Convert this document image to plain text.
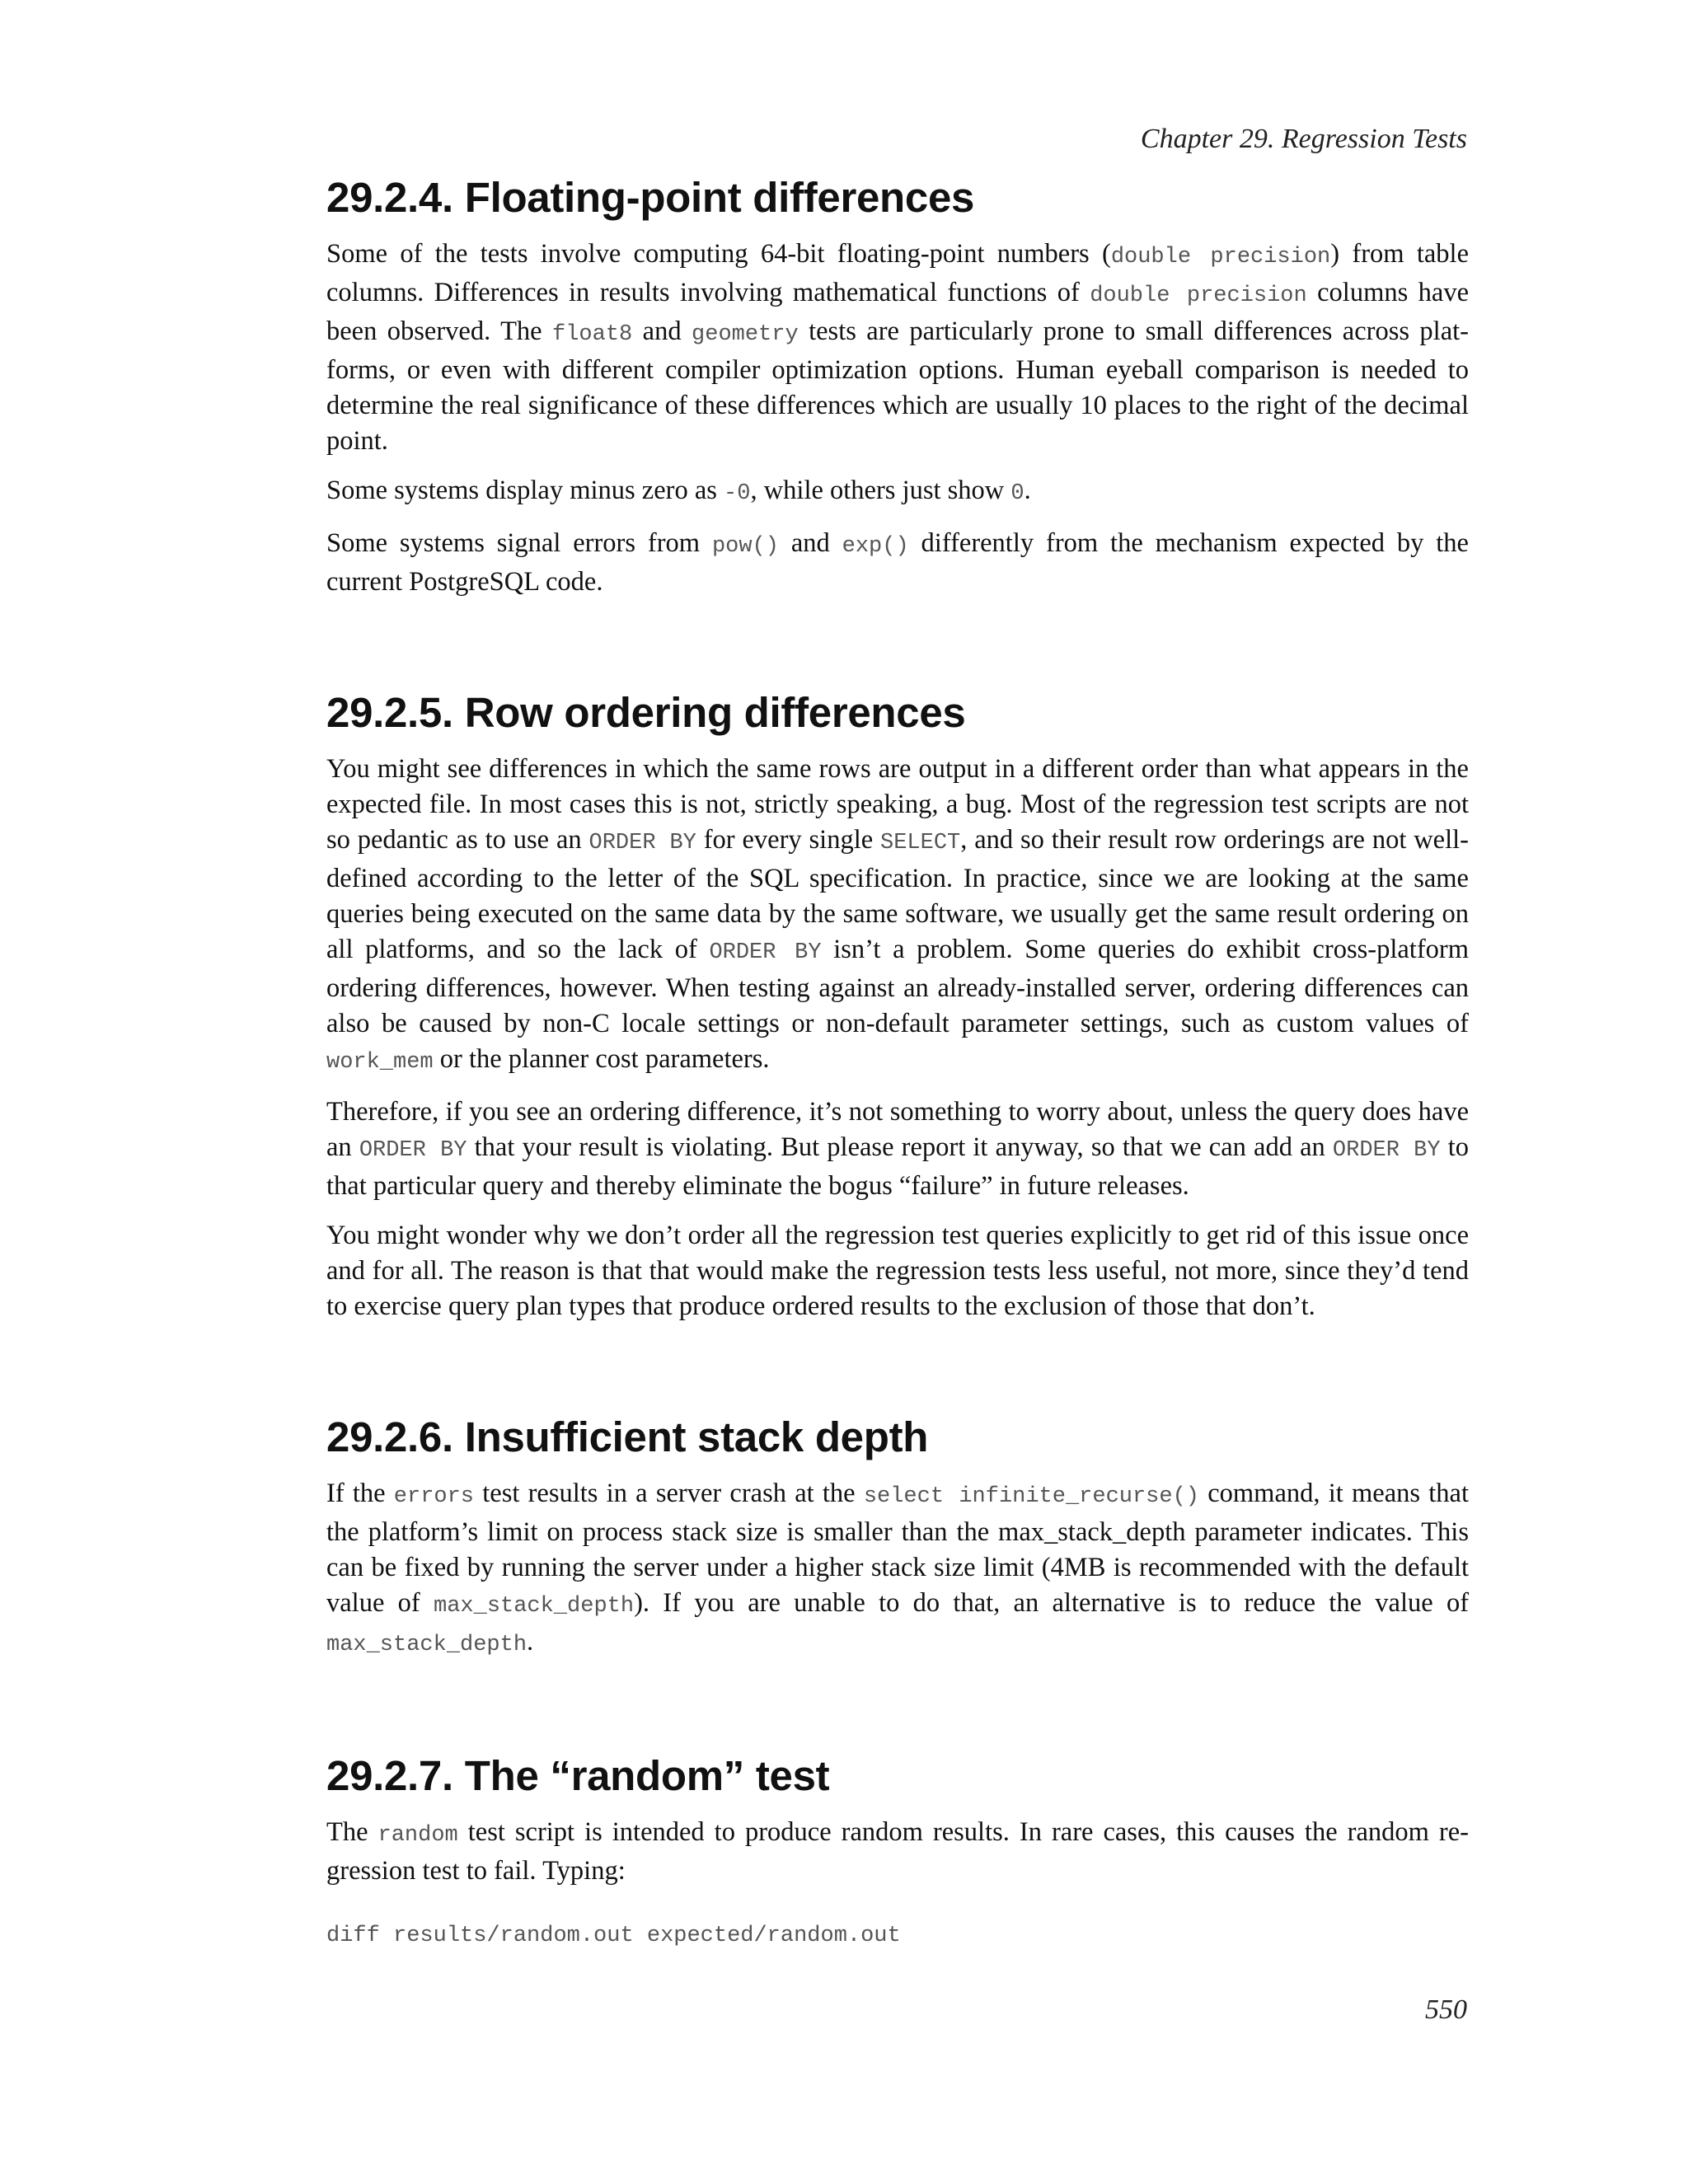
Chapter 29. Regression Tests
29.2.4. Floating-point differences

Some of the tests involve computing 64-bit floating-point numbers (double precision) from table columns. Differences in results involving mathematical functions of double precision columns have been observed. The float8 and geometry tests are particularly prone to small differences across plat-forms, or even with different compiler optimization options. Human eyeball comparison is needed to determine the real significance of these differences which are usually 10 places to the right of the decimal point.

Some systems display minus zero as -0, while others just show 0.

Some systems signal errors from pow() and exp() differently from the mechanism expected by the current PostgreSQL code.

29.2.5. Row ordering differences

You might see differences in which the same rows are output in a different order than what appears in the expected file. In most cases this is not, strictly speaking, a bug. Most of the regression test scripts are not so pedantic as to use an ORDER BY for every single SELECT, and so their result row orderings are not well-defined according to the letter of the SQL specification. In practice, since we are looking at the same queries being executed on the same data by the same software, we usually get the same result ordering on all platforms, and so the lack of ORDER BY isn’t a problem. Some queries do exhibit cross-platform ordering differences, however. When testing against an already-installed server, ordering differences can also be caused by non-C locale settings or non-default parameter settings, such as custom values of work_mem or the planner cost parameters.

Therefore, if you see an ordering difference, it’s not something to worry about, unless the query does have an ORDER BY that your result is violating. But please report it anyway, so that we can add an ORDER BY to that particular query and thereby eliminate the bogus “failure” in future releases.

You might wonder why we don’t order all the regression test queries explicitly to get rid of this issue once and for all. The reason is that that would make the regression tests less useful, not more, since they’d tend to exercise query plan types that produce ordered results to the exclusion of those that don’t.

29.2.6. Insufficient stack depth

If the errors test results in a server crash at the select infinite_recurse() command, it means that the platform’s limit on process stack size is smaller than the max_stack_depth parameter indicates. This can be fixed by running the server under a higher stack size limit (4MB is recommended with the default value of max_stack_depth). If you are unable to do that, an alternative is to reduce the value of max_stack_depth.

29.2.7. The “random” test

The random test script is intended to produce random results. In rare cases, this causes the random re-gression test to fail. Typing:

diff results/random.out expected/random.out
550
